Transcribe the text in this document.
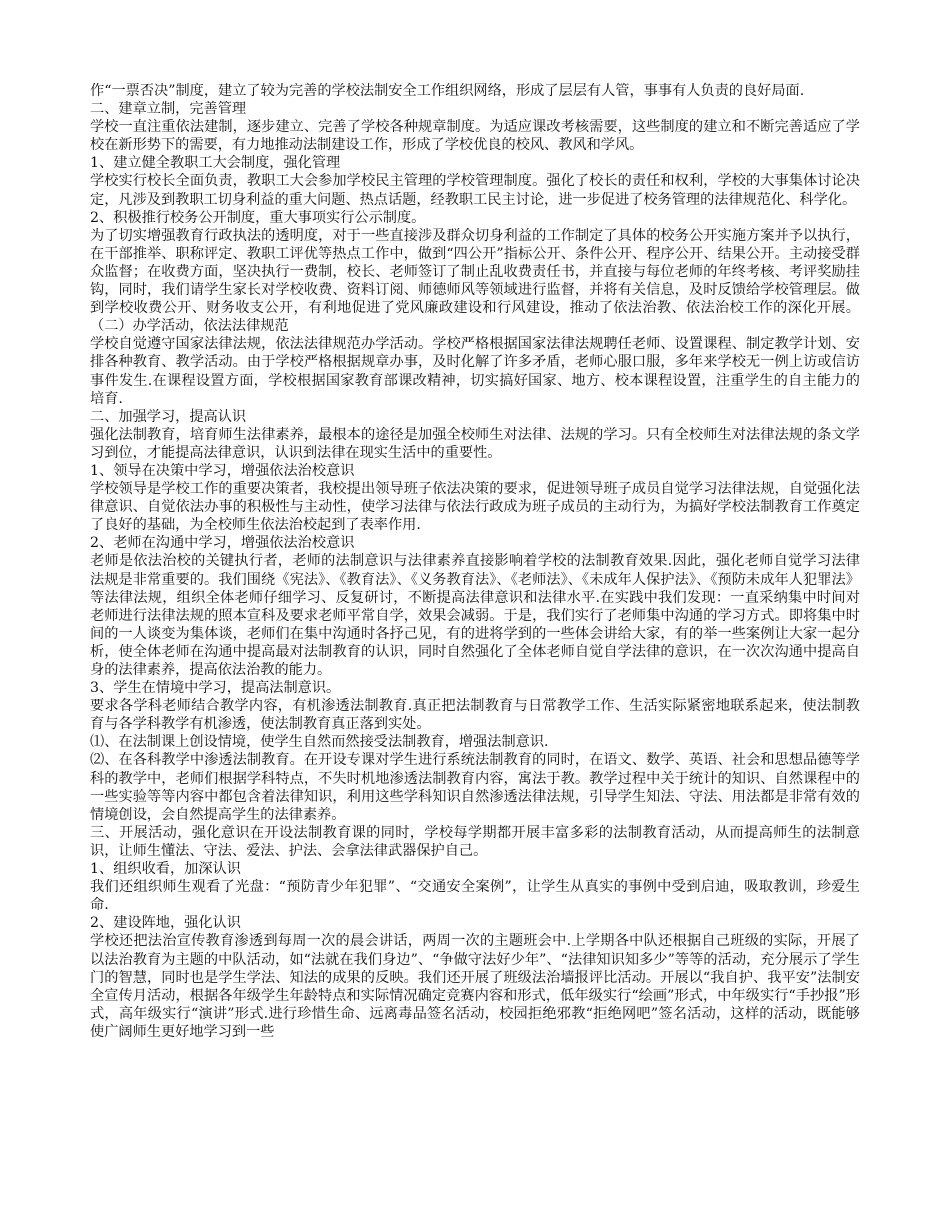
作“一票否决”制度，建立了较为完善的学校法制安全工作组织网络，形成了层层有人管，事事有人负责的良好局面.

二、建章立制，完善管理

学校一直注重依法建制，逐步建立、完善了学校各种规章制度。为适应课改考核需要，这些制度的建立和不断完善适应了学校在新形势下的需要，有力地推动法制建设工作，形成了学校优良的校风、教风和学风。

1、建立健全教职工大会制度，强化管理

学校实行校长全面负责，教职工大会参加学校民主管理的学校管理制度。强化了校长的责任和权利，学校的大事集体讨论决定，凡涉及到教职工切身利益的重大问题、热点话题，经教职工民主讨论，进一步促进了校务管理的法律规范化、科学化。

2、积极推行校务公开制度，重大事项实行公示制度。

为了切实增强教育行政执法的透明度，对于一些直接涉及群众切身利益的工作制定了具体的校务公开实施方案并予以执行，在干部推举、职称评定、教职工评优等热点工作中，做到“四公开”指标公开、条件公开、程序公开、结果公开。主动接受群众监督；在收费方面，坚决执行一费制，校长、老师签订了制止乱收费责任书，并直接与每位老师的年终考核、考评奖励挂钩，同时，我们请学生家长对学校收费、资料订阅、师德师风等领域进行监督，并将有关信息，及时反馈给学校管理层。做到学校收费公开、财务收支公开，有利地促进了党风廉政建设和行风建设，推动了依法治教、依法治校工作的深化开展。（二）办学活动，依法法律规范

学校自觉遵守国家法律法规，依法法律规范办学活动。学校严格根据国家法律法规聘任老师、设置课程、制定教学计划、安排各种教育、教学活动。由于学校严格根据规章办事，及时化解了许多矛盾，老师心服口服，多年来学校无一例上访或信访事件发生.在课程设置方面，学校根据国家教育部课改精神，切实搞好国家、地方、校本课程设置，注重学生的自主能力的培育.

二、加强学习，提高认识

强化法制教育，培育师生法律素养，最根本的途径是加强全校师生对法律、法规的学习。只有全校师生对法律法规的条文学习到位，才能提高法律意识，认识到法律在现实生活中的重要性。

1、领导在决策中学习，增强依法治校意识

学校领导是学校工作的重要决策者，我校提出领导班子依法决策的要求，促进领导班子成员自觉学习法律法规，自觉强化法律意识、自觉依法办事的积极性与主动性，使学习法律与依法行政成为班子成员的主动行为，为搞好学校法制教育工作奠定了良好的基础，为全校师生依法治校起到了表率作用.

2、老师在沟通中学习，增强依法治校意识

老师是依法治校的关键执行者，老师的法制意识与法律素养直接影响着学校的法制教育效果.因此，强化老师自觉学习法律法规是非常重要的。我们围绕《宪法》、《教育法》、《义务教育法》、《老师法》、《未成年人保护法》、《预防未成年人犯罪法》等法律法规，组织全体老师仔细学习、反复研讨，不断提高法律意识和法律水平.在实践中我们发现：一直采纳集中时间对老师进行法律法规的照本宣科及要求老师平常自学，效果会减弱。于是，我们实行了老师集中沟通的学习方式。即将集中时间的一人谈变为集体谈，老师们在集中沟通时各抒己见，有的进将学到的一些体会讲给大家，有的举一些案例让大家一起分析，使全体老师在沟通中提高最对法制教育的认识，同时自然强化了全体老师自觉自学法律的意识，在一次次沟通中提高自身的法律素养，提高依法治教的能力。

3、学生在情境中学习，提高法制意识。

要求各学科老师结合教学内容，有机渗透法制教育.真正把法制教育与日常教学工作、生活实际紧密地联系起来，使法制教育与各学科教学有机渗透，使法制教育真正落到实处。

⑴、在法制课上创设情境，使学生自然而然接受法制教育，增强法制意识.

⑵、在各科教学中渗透法制教育。在开设专课对学生进行系统法制教育的同时，在语文、数学、英语、社会和思想品德等学科的教学中，老师们根据学科特点，不失时机地渗透法制教育内容，寓法于教。教学过程中关于统计的知识、自然课程中的一些实验等等内容中都包含着法律知识，利用这些学科知识自然渗透法律法规，引导学生知法、守法、用法都是非常有效的情境创设，会自然提高学生的法律素养。

三、开展活动，强化意识在开设法制教育课的同时，学校每学期都开展丰富多彩的法制教育活动，从而提高师生的法制意识，让师生懂法、守法、爱法、护法、会拿法律武器保护自己。

1、组织收看，加深认识

我们还组织师生观看了光盘：“预防青少年犯罪”、“交通安全案例”，让学生从真实的事例中受到启迪，吸取教训，珍爱生命.

2、建设阵地，强化认识

学校还把法治宣传教育渗透到每周一次的晨会讲话，两周一次的主题班会中.上学期各中队还根据自己班级的实际，开展了以法治教育为主题的中队活动，如“法就在我们身边”、“争做守法好少年”、“法律知识知多少”等等的活动，充分展示了学生门的智慧，同时也是学生学法、知法的成果的反映。我们还开展了班级法治墙报评比活动。开展以“我自护、我平安”法制安全宣传月活动，根据各年级学生年龄特点和实际情况确定竞赛内容和形式，低年级实行“绘画”形式，中年级实行“手抄报”形式，高年级实行“演讲”形式.进行珍惜生命、远离毒品签名活动，校园拒绝邪教“拒绝网吧”签名活动，这样的活动，既能够使广阔师生更好地学习到一些
